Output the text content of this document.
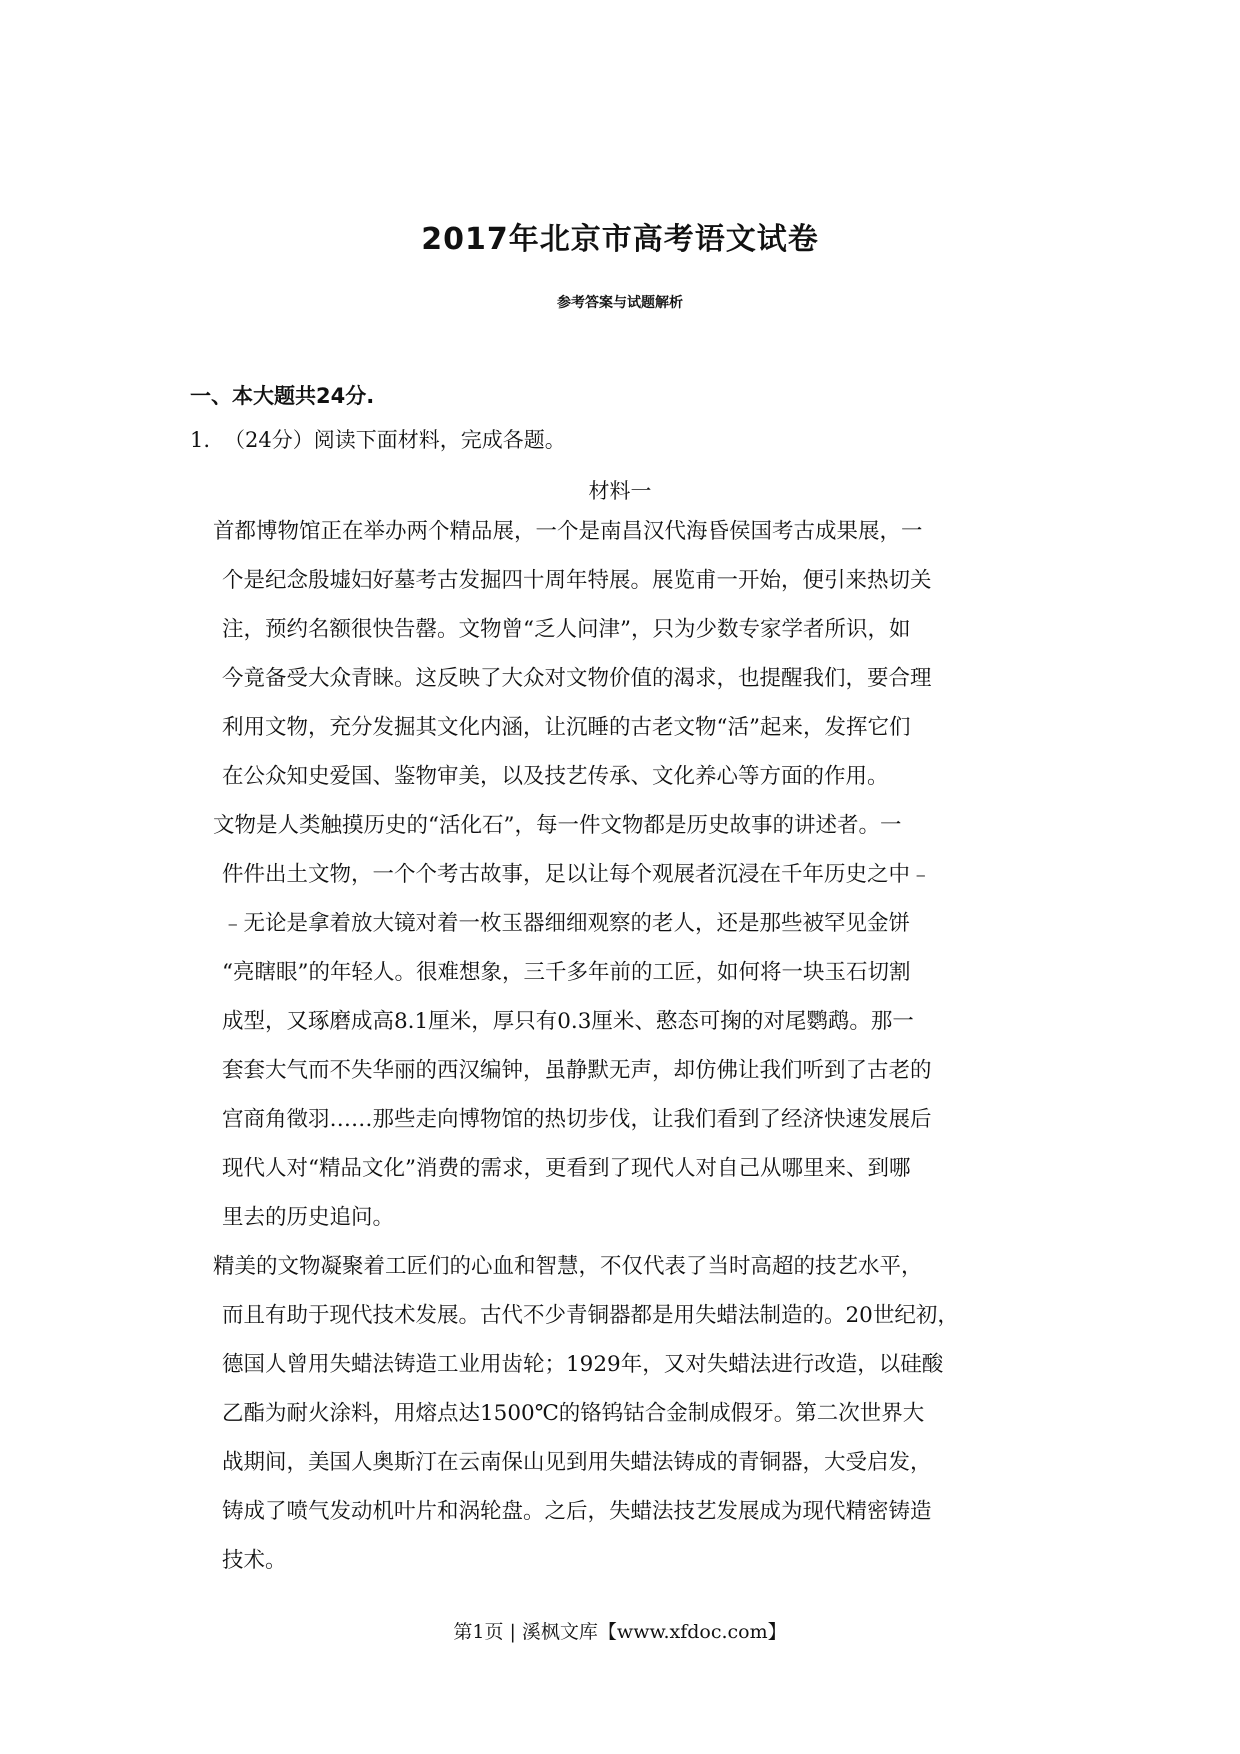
2017年北京市高考语文试卷
参考答案与试题解析
一、本大题共24分.
1. （24分）阅读下面材料，完成各题。
材料一

首都博物馆正在举办两个精品展，一个是南昌汉代海昏侯国考古成果展，一

个是纪念殷墟妇好墓考古发掘四十周年特展。展览甫一开始，便引来热切关

注，预约名额很快告罄。文物曾“乏人问津”，只为少数专家学者所识，如

今竟备受大众青睐。这反映了大众对文物价值的渴求，也提醒我们，要合理

利用文物，充分发掘其文化内涵，让沉睡的古老文物“活”起来，发挥它们

在公众知史爱国、鉴物审美，以及技艺传承、文化养心等方面的作用。

文物是人类触摸历史的“活化石”，每一件文物都是历史故事的讲述者。一

件件出土文物，一个个考古故事，足以让每个观展者沉浸在千年历史之中﹣

﹣无论是拿着放大镜对着一枚玉器细细观察的老人，还是那些被罕见金饼

“亮瞎眼”的年轻人。很难想象，三千多年前的工匠，如何将一块玉石切割

成型，又琢磨成高8.1厘米，厚只有0.3厘米、憨态可掬的对尾鹦鹉。那一

套套大气而不失华丽的西汉编钟，虽静默无声，却仿佛让我们听到了古老的

宫商角徵羽……那些走向博物馆的热切步伐，让我们看到了经济快速发展后

现代人对“精品文化”消费的需求，更看到了现代人对自己从哪里来、到哪

里去的历史追问。

精美的文物凝聚着工匠们的心血和智慧，不仅代表了当时高超的技艺水平，

而且有助于现代技术发展。古代不少青铜器都是用失蜡法制造的。20世纪初，

德国人曾用失蜡法铸造工业用齿轮；1929年，又对失蜡法进行改造，以硅酸

乙酯为耐火涂料，用熔点达1500℃的铬钨钴合金制成假牙。第二次世界大

战期间，美国人奥斯汀在云南保山见到用失蜡法铸成的青铜器，大受启发，

铸成了喷气发动机叶片和涡轮盘。之后，失蜡法技艺发展成为现代精密铸造

技术。

第1页 | 溪枫文库【www.xfdoc.com】
